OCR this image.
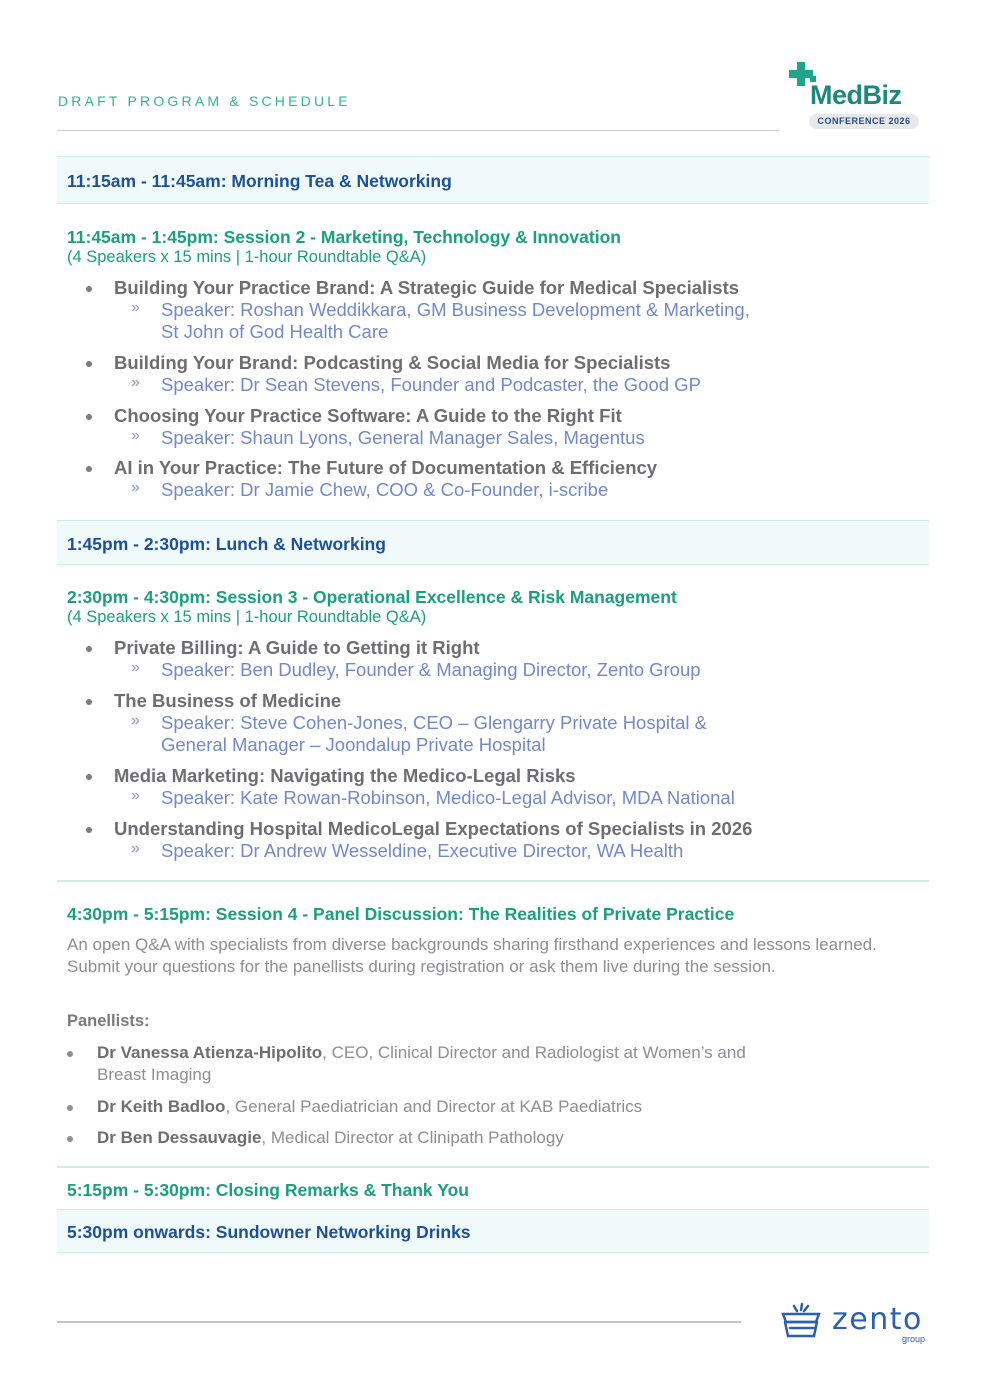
DRAFT PROGRAM & SCHEDULE	MedBiz
CONFERENCE 2026
11:15am - 11:45am: Morning Tea & Networking
11:45am - 1:45pm: Session 2 - Marketing, Technology & Innovation
(4 Speakers x 15 mins | 1-hour Roundtable Q&A)
Building Your Practice Brand: A Strategic Guide for Medical Specialists
» Speaker: Roshan Weddikkara, GM Business Development & Marketing,
St John of God Health Care
Building Your Brand: Podcasting & Social Media for Specialists
» Speaker: Dr Sean Stevens, Founder and Podcaster, the Good GP
Choosing Your Practice Software: A Guide to the Right Fit
» Speaker: Shaun Lyons, General Manager Sales, Magentus
AI in Your Practice: The Future of Documentation & Efficiency
» Speaker: Dr Jamie Chew, COO & Co-Founder, i-scribe
1:45pm - 2:30pm: Lunch & Networking
2:30pm - 4:30pm: Session 3 - Operational Excellence & Risk Management
(4 Speakers x 15 mins | 1-hour Roundtable Q&A)
Private Billing: A Guide to Getting it Right
» Speaker: Ben Dudley, Founder & Managing Director, Zento Group
The Business of Medicine
» Speaker: Steve Cohen-Jones, CEO – Glengarry Private Hospital &
General Manager – Joondalup Private Hospital
Media Marketing: Navigating the Medico-Legal Risks
» Speaker: Kate Rowan-Robinson, Medico-Legal Advisor, MDA National
Understanding Hospital MedicoLegal Expectations of Specialists in 2026
» Speaker: Dr Andrew Wesseldine, Executive Director, WA Health
4:30pm - 5:15pm: Session 4 - Panel Discussion: The Realities of Private Practice
An open Q&A with specialists from diverse backgrounds sharing firsthand experiences and lessons learned. Submit your questions for the panellists during registration or ask them live during the session.
Panellists:
Dr Vanessa Atienza-Hipolito, CEO, Clinical Director and Radiologist at Women’s and Breast Imaging
Dr Keith Badloo, General Paediatrician and Director at KAB Paediatrics
Dr Ben Dessauvagie, Medical Director at Clinipath Pathology
5:15pm - 5:30pm: Closing Remarks & Thank You
5:30pm onwards: Sundowner Networking Drinks
zento
group
